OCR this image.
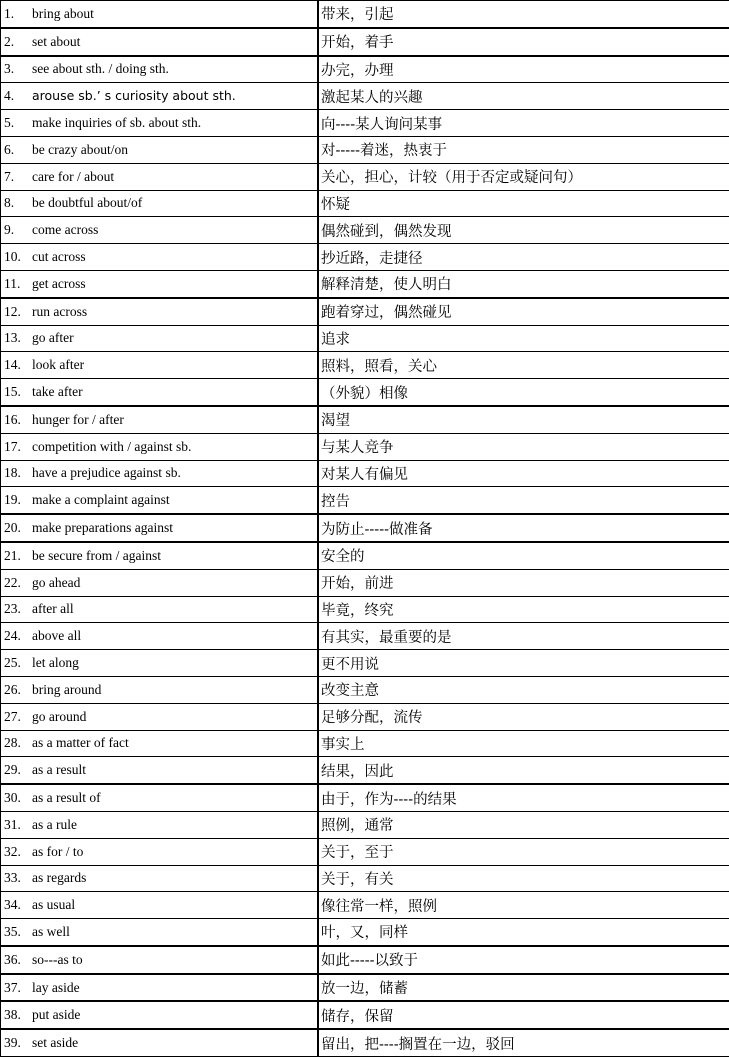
1. bring about	带来，引起
2. set about	开始，着手
3. see about sth. / doing sth.	办完，办理
4. arouse sb.’ s curiosity about sth.	激起某人的兴趣
5. make inquiries of sb. about sth.	向----某人询问某事
6. be crazy about/on	对-----着迷，热衷于
7. care for / about	关心，担心，计较（用于否定或疑问句）
8. be doubtful about/of	怀疑
9. come across	偶然碰到，偶然发现
10. cut across	抄近路，走捷径
11. get across	解释清楚，使人明白
12. run across	跑着穿过，偶然碰见
13. go after	追求
14. look after	照料，照看，关心
15. take after	（外貌）相像
16. hunger for / after	渴望
17. competition with / against sb.	与某人竞争
18. have a prejudice against sb.	对某人有偏见
19. make a complaint against	控告
20. make preparations against	为防止-----做准备
21. be secure from / against	安全的
22. go ahead	开始，前进
23. after all	毕竟，终究
24. above all	有其实，最重要的是
25. let along	更不用说
26. bring around	改变主意
27. go around	足够分配，流传
28. as a matter of fact	事实上
29. as a result	结果，因此
30. as a result of	由于，作为----的结果
31. as a rule	照例，通常
32. as for / to	关于，至于
33. as regards	关于，有关
34. as usual	像往常一样，照例
35. as well	叶，又，同样
36. so---as to	如此-----以致于
37. lay aside	放一边，储蓄
38. put aside	储存，保留
39. set aside	留出，把----搁置在一边，驳回
